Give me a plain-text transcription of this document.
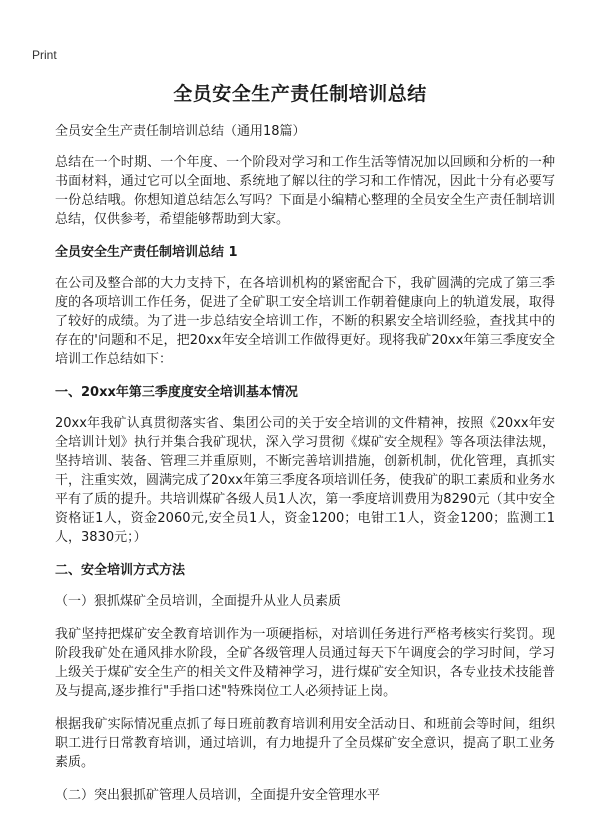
Print
全员安全生产责任制培训总结

全员安全生产责任制培训总结（通用18篇）

总结在一个时期、一个年度、一个阶段对学习和工作生活等情况加以回顾和分析的一种书面材料，通过它可以全面地、系统地了解以往的学习和工作情况，因此十分有必要写一份总结哦。你想知道总结怎么写吗？下面是小编精心整理的全员安全生产责任制培训总结，仅供参考，希望能够帮助到大家。

全员安全生产责任制培训总结 1

在公司及整合部的大力支持下，在各培训机构的紧密配合下，我矿圆满的完成了第三季度的各项培训工作任务，促进了全矿职工安全培训工作朝着健康向上的轨道发展，取得了较好的成绩。为了进一步总结安全培训工作，不断的积累安全培训经验，查找其中的存在的'问题和不足，把20xx年安全培训工作做得更好。现将我矿20xx年第三季度安全培训工作总结如下：

一、20xx年第三季度度安全培训基本情况

20xx年我矿认真贯彻落实省、集团公司的关于安全培训的文件精神，按照《20xx年安全培训计划》执行并集合我矿现状，深入学习贯彻《煤矿安全规程》等各项法律法规，坚持培训、装备、管理三并重原则，不断完善培训措施，创新机制，优化管理，真抓实干，注重实效，圆满完成了20xx年第三季度各项培训任务，使我矿的职工素质和业务水平有了质的提升。共培训煤矿各级人员1人次，第一季度培训费用为8290元（其中安全资格证1人，资金2060元,安全员1人，资金1200；电钳工1人，资金1200；监测工1人，3830元；）

二、安全培训方式方法

（一）狠抓煤矿全员培训，全面提升从业人员素质

我矿坚持把煤矿安全教育培训作为一项硬指标，对培训任务进行严格考核实行奖罚。现阶段我矿处在通风排水阶段，全矿各级管理人员通过每天下午调度会的学习时间，学习上级关于煤矿安全生产的相关文件及精神学习，进行煤矿安全知识，各专业技术技能普及与提高,逐步推行"手指口述"特殊岗位工人必须持证上岗。

根据我矿实际情况重点抓了每日班前教育培训利用安全活动日、和班前会等时间，组织职工进行日常教育培训，通过培训，有力地提升了全员煤矿安全意识，提高了职工业务素质。

（二）突出狠抓矿管理人员培训，全面提升安全管理水平
